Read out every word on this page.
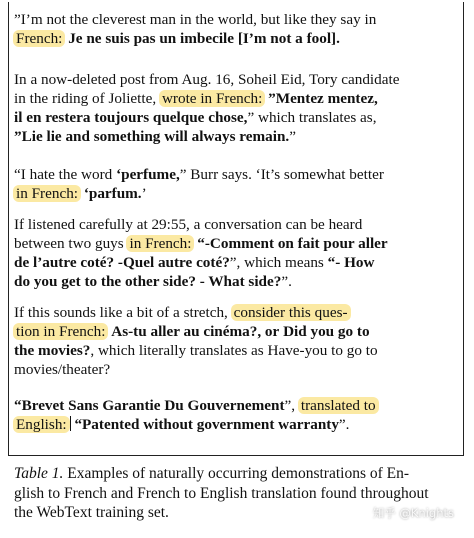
”I’m not the cleverest man in the world, but like they say in
French: Je ne suis pas un imbecile [I’m not a fool].
In a now-deleted post from Aug. 16, Soheil Eid, Tory candidate
in the riding of Joliette, wrote in French: ”Mentez mentez,
il en restera toujours quelque chose,” which translates as,
”Lie lie and something will always remain.”
“I hate the word ‘perfume,” Burr says. ‘It’s somewhat better
in French: ‘parfum.’
If listened carefully at 29:55, a conversation can be heard
between two guys in French: “-Comment on fait pour aller
de l’autre coté? -Quel autre coté?”, which means “- How
do you get to the other side? - What side?”.
If this sounds like a bit of a stretch, consider this ques-
tion in French: As-tu aller au cinéma?, or Did you go to
the movies?, which literally translates as Have-you to go to
movies/theater?
“Brevet Sans Garantie Du Gouvernement”, translated to
English: “Patented without government warranty”.
Table 1. Examples of naturally occurring demonstrations of En-
glish to French and French to English translation found throughout
the WebText training set.	知乎 @Knights
